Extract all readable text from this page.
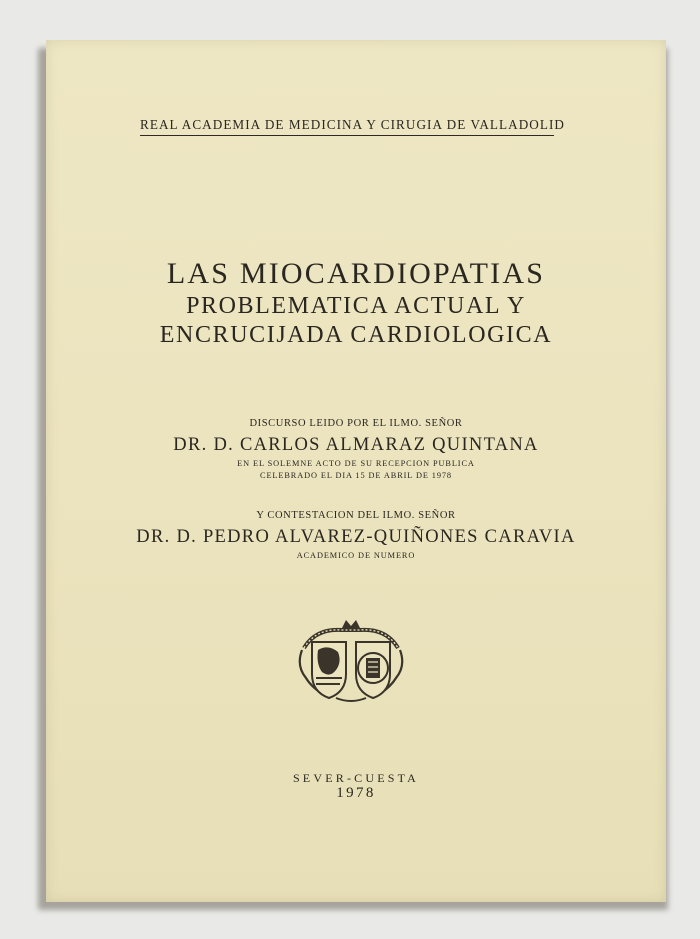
REAL ACADEMIA DE MEDICINA Y CIRUGIA DE VALLADOLID
LAS MIOCARDIOPATIAS
PROBLEMATICA ACTUAL Y
ENCRUCIJADA CARDIOLOGICA
DISCURSO LEIDO POR EL ILMO. SEÑOR
DR. D. CARLOS ALMARAZ QUINTANA
EN EL SOLEMNE ACTO DE SU RECEPCION PUBLICA
CELEBRADO EL DIA 15 DE ABRIL DE 1978
Y CONTESTACION DEL ILMO. SEÑOR
DR. D. PEDRO ALVAREZ-QUIÑONES CARAVIA
ACADEMICO DE NUMERO
SEVER-CUESTA
1978
